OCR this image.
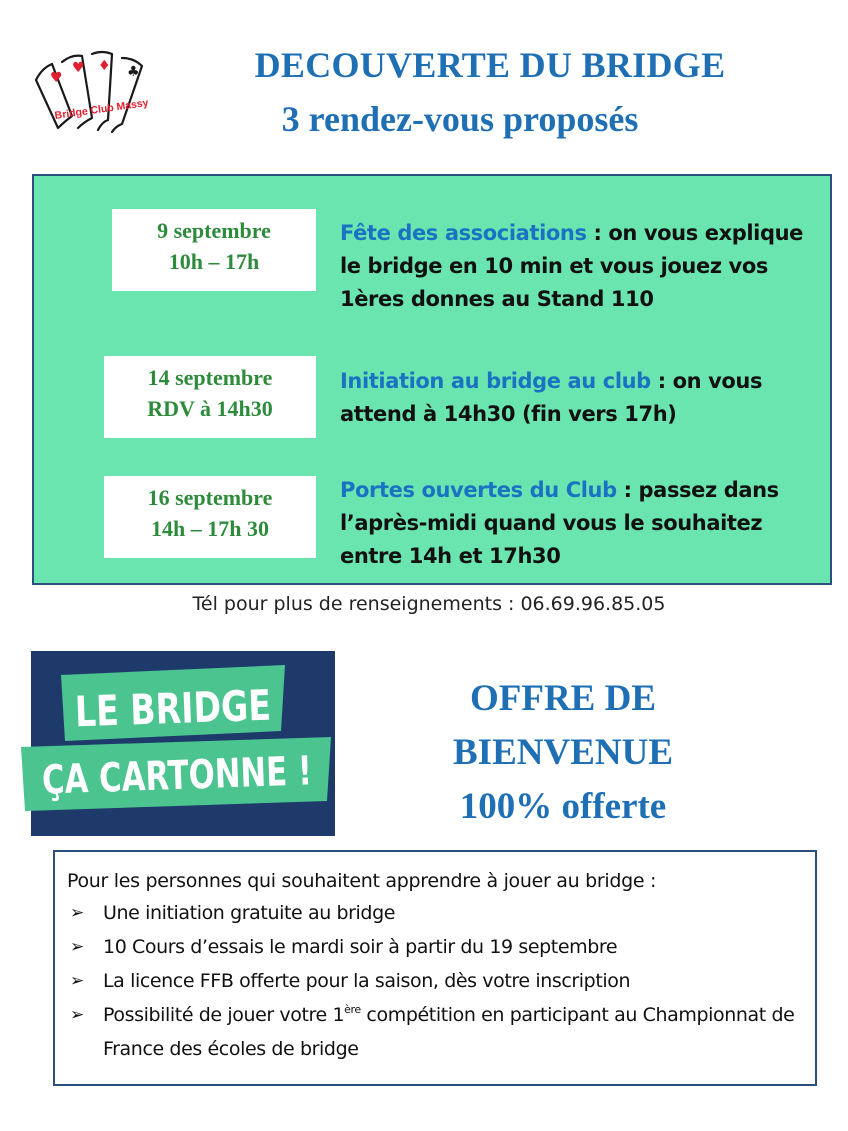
♥
♥ ♦ ♣
Bridge Club Massy
DECOUVERTE DU BRIDGE
3 rendez-vous proposés
9 septembre
10h – 17h
Fête des associations : on vous explique le bridge en 10 min et vous jouez vos 1ères donnes au Stand 110
14 septembre
RDV à 14h30
Initiation au bridge au club : on vous attend à 14h30 (fin vers 17h)
16 septembre
14h – 17h 30
Portes ouvertes du Club : passez dans l’après-midi quand vous le souhaitez entre 14h et 17h30
Tél pour plus de renseignements : 06.69.96.85.05
LE BRIDGE
ÇA CARTONNE !
OFFRE DE
BIENVENUE
100% offerte
Pour les personnes qui souhaitent apprendre à jouer au bridge :
➢ Une initiation gratuite au bridge
➢ 10 Cours d’essais le mardi soir à partir du 19 septembre
➢ La licence FFB offerte pour la saison, dès votre inscription
➢ Possibilité de jouer votre 1ère compétition en participant au Championnat de France des écoles de bridge
